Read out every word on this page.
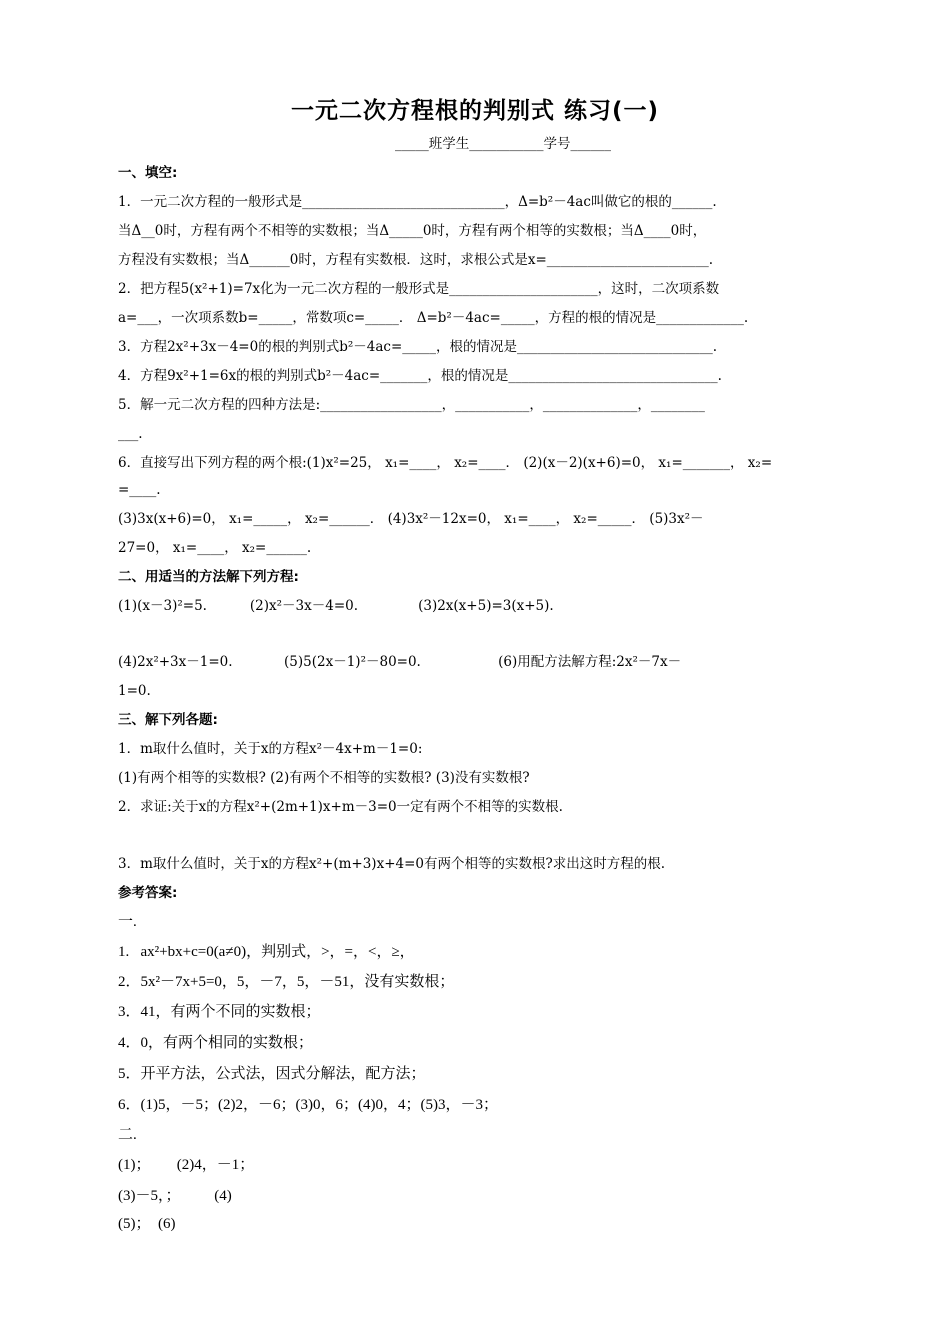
一元二次方程根的判别式 练习(一)
_____班学生___________学号______
一、填空:
1．一元二次方程的一般形式是______________________________，Δ=b²－4ac叫做它的根的______.
当Δ__0时，方程有两个不相等的实数根；当Δ_____0时，方程有两个相等的实数根；当Δ____0时，
方程没有实数根；当Δ______0时，方程有实数根．这时，求根公式是x=________________________.
2．把方程5(x²+1)=7x化为一元二次方程的一般形式是______________________，这时，二次项系数
a=___，一次项系数b=_____，常数项c=_____． Δ=b²－4ac=_____，方程的根的情况是_____________.
3．方程2x²+3x－4=0的根的判别式b²－4ac=_____，根的情况是_____________________________.
4．方程9x²+1=6x的根的判别式b²－4ac=_______，根的情况是_______________________________.
5．解一元二次方程的四种方法是:__________________，___________，______________，________
___.
6．直接写出下列方程的两个根:(1)x²=25， x₁=____， x₂=____． (2)(x－2)(x+6)=0， x₁=_______， x₂=
=____.
(3)3x(x+6)=0， x₁=_____， x₂=______． (4)3x²－12x=0， x₁=____， x₂=_____． (5)3x²－
27=0， x₁=____， x₂=______.
二、用适当的方法解下列方程:
(1)(x－3)²=5.          (2)x²－3x－4=0.              (3)2x(x+5)=3(x+5).
(4)2x²+3x－1=0.            (5)5(2x－1)²－80=0.                  (6)用配方法解方程:2x²－7x－
1=0.
三、解下列各题:
1．m取什么值时，关于x的方程x²－4x+m－1=0:
(1)有两个相等的实数根? (2)有两个不相等的实数根? (3)没有实数根?
2．求证:关于x的方程x²+(2m+1)x+m－3=0一定有两个不相等的实数根.
3．m取什么值时，关于x的方程x²+(m+3)x+4=0有两个相等的实数根?求出这时方程的根.
参考答案:
一.
1.   ax²+bx+c=0(a≠0)，判别式，>，=，<，≥，
2．5x²－7x+5=0，5，－7，5，－51，没有实数根；
3．41，有两个不同的实数根；
4．0，有两个相同的实数根；
5．开平方法，公式法，因式分解法，配方法；
6．(1)5，－5；(2)2，－6；(3)0，6；(4)0，4；(5)3，－3；
二.
(1)；       (2)4，－1；
(3)－5，；         (4)
(5)；  (6)
